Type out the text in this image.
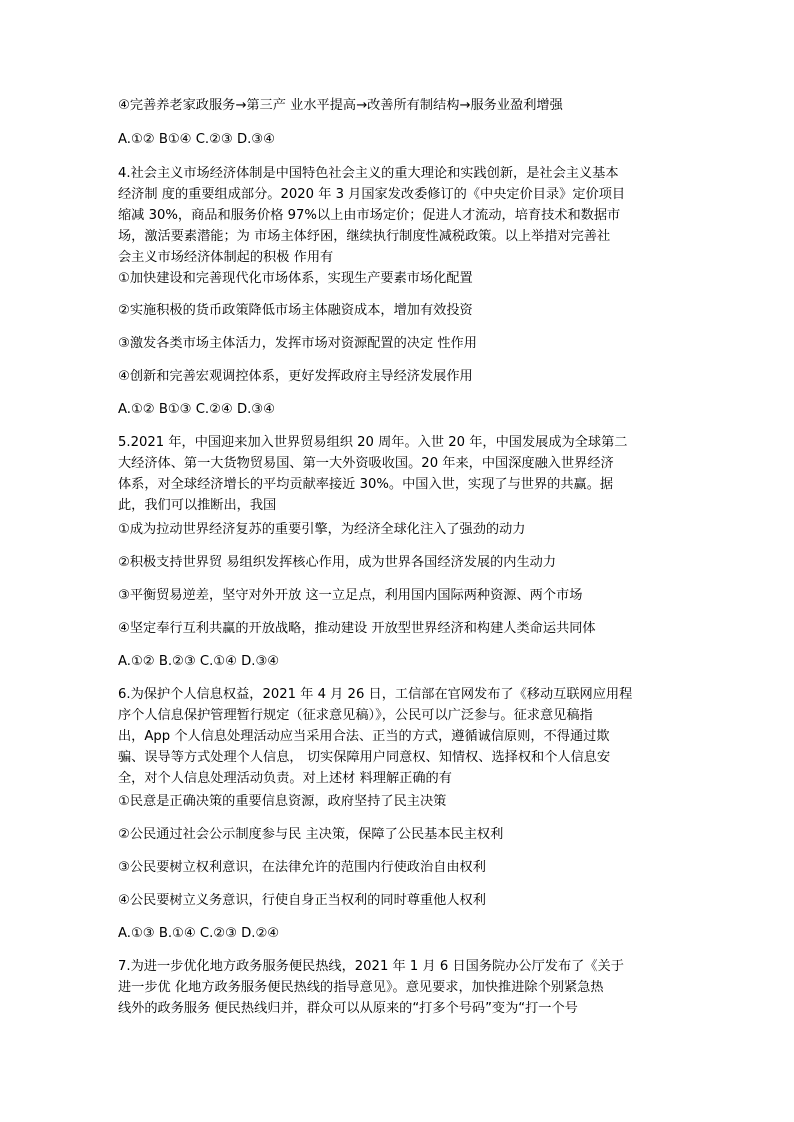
④完善养老家政服务→第三产 业水平提高→改善所有制结构→服务业盈利增强
A.①② B①④ C.②③ D.③④
4.社会主义市场经济体制是中国特色社会主义的重大理论和实践创新，是社会主义基本
经济制 度的重要组成部分。2020 年 3 月国家发改委修订的《中央定价目录》定价项目
缩减 30%，商品和服务价格 97%以上由市场定价；促进人才流动，培育技术和数据市
场，激活要素潜能；为 市场主体纾困，继续执行制度性减税政策。以上举措对完善社
会主义市场经济体制起的积极 作用有
①加快建设和完善现代化市场体系，实现生产要素市场化配置
②实施积极的货币政策降低市场主体融资成本，增加有效投资
③激发各类市场主体活力，发挥市场对资源配置的决定 性作用
④创新和完善宏观调控体系，更好发挥政府主导经济发展作用
A.①② B①③ C.②④ D.③④
5.2021 年，中国迎来加入世界贸易组织 20 周年。入世 20 年，中国发展成为全球第二
大经济体、第一大货物贸易国、第一大外资吸收国。20 年来，中国深度融入世界经济
体系，对全球经济增长的平均贡献率接近 30%。中国入世，实现了与世界的共赢。据
此，我们可以推断出，我国
①成为拉动世界经济复苏的重要引擎，为经济全球化注入了强劲的动力
②积极支持世界贸 易组织发挥核心作用，成为世界各国经济发展的内生动力
③平衡贸易逆差，坚守对外开放 这一立足点，利用国内国际两种资源、两个市场
④坚定奉行互利共赢的开放战略，推动建设 开放型世界经济和构建人类命运共同体
A.①② B.②③ C.①④ D.③④
6.为保护个人信息权益，2021 年 4 月 26 日，工信部在官网发布了《移动互联网应用程
序个人信息保护管理暂行规定（征求意见稿）》，公民可以广泛参与。征求意见稿指
出，App 个人信息处理活动应当采用合法、正当的方式，遵循诚信原则，不得通过欺
骗、误导等方式处理个人信息， 切实保障用户同意权、知情权、选择权和个人信息安
全，对个人信息处理活动负责。对上述材 料理解正确的有
①民意是正确决策的重要信息资源，政府坚持了民主决策
②公民通过社会公示制度参与民 主决策，保障了公民基本民主权利
③公民要树立权利意识，在法律允许的范围内行使政治自由权利
④公民要树立义务意识，行使自身正当权利的同时尊重他人权利
A.①③ B.①④ C.②③ D.②④
7.为进一步优化地方政务服务便民热线，2021 年 1 月 6 日国务院办公厅发布了《关于
进一步优 化地方政务服务便民热线的指导意见》。意见要求，加快推进除个别紧急热
线外的政务服务 便民热线归并，群众可以从原来的“打多个号码”变为“打一个号
